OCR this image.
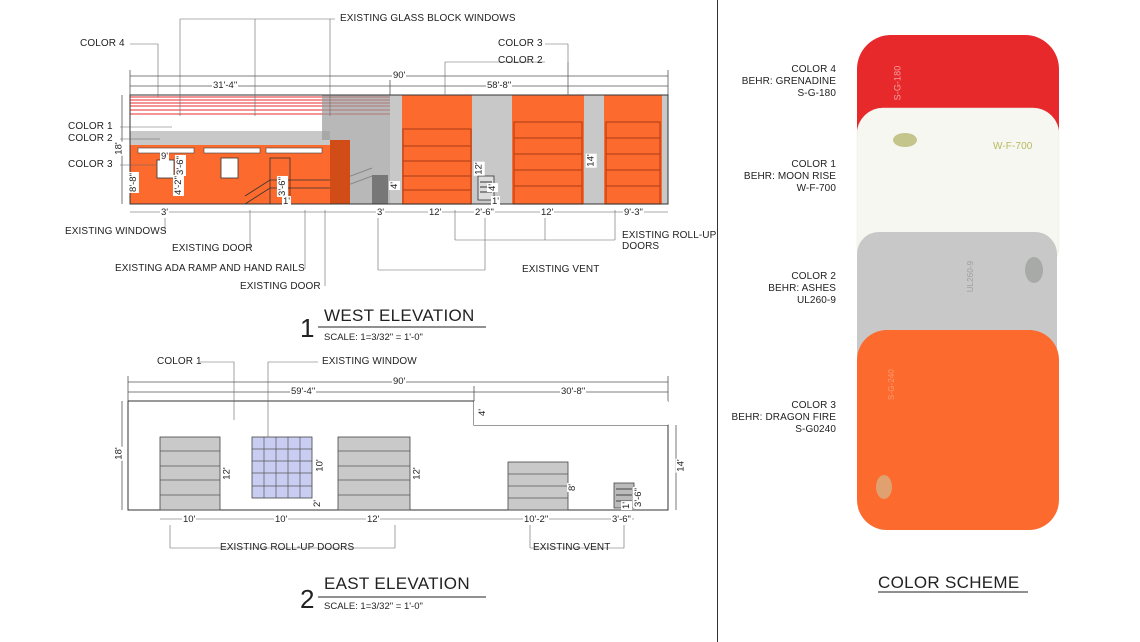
EXISTING GLASS BLOCK WINDOWS
COLOR 4
COLOR 1
COLOR 2
COLOR 3
COLOR 3
COLOR 2
EXISTING WINDOWS
EXISTING DOOR
EXISTING ADA RAMP AND HAND RAILS
EXISTING DOOR
EXISTING VENT
EXISTING ROLL-UP
DOORS
90'
31'-4"	58'-8"
18'
8'-8"	4'-2"
3'-6"
3'-6"	4'
9'
3'	3'	12'	2'-6"	12'	9'-3"
14'
12'
4'
1'	1'
1 WEST ELEVATION
SCALE: 1=3/32" = 1'-0"
COLOR 1	EXISTING WINDOW
EXISTING ROLL-UP DOORS	EXISTING VENT
90'
59'-4"	30'-8"
18'
14'
4'
10'	10'	12'	10'-2"	3'-6"
12'
10'
2'
12'
8'
3'-6"
1'
2
EAST ELEVATION
SCALE: 1=3/32" = 1'-0"
COLOR 4
BEHR: GRENADINE
S-G-180
COLOR 1
BEHR: MOON RISE
W-F-700
COLOR 2
BEHR: ASHES
UL260-9
COLOR 3
BEHR: DRAGON FIRE
S-G0240
S-G-180
W-F-700
UL260-9
S-G-240
COLOR SCHEME
